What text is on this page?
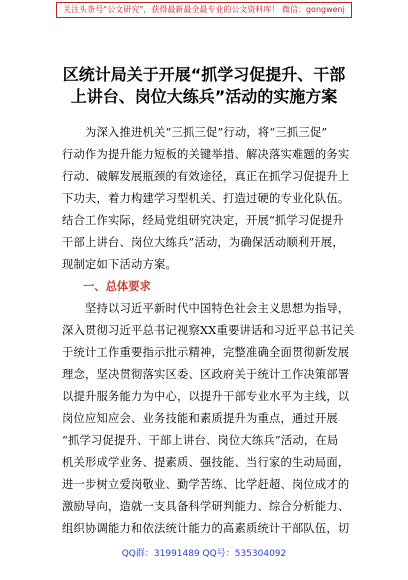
关注头条号“公文研究”，获得最新最全最专业的公文资料库！ 微信：gongwenj
区统计局关于开展“抓学习促提升、干部
上讲台、岗位大练兵”活动的实施方案
为深入推进机关“三抓三促”行动，将“三抓三促”
行动作为提升能力短板的关键举措、解决落实难题的务实
行动、破解发展瓶颈的有效途径，真正在抓学习促提升上
下功夫，着力构建学习型机关、打造过硬的专业化队伍。
结合工作实际，经局党组研究决定，开展“抓学习促提升
干部上讲台、岗位大练兵”活动，为确保活动顺利开展，
现制定如下活动方案。
一、总体要求
坚持以习近平新时代中国特色社会主义思想为指导，
深入贯彻习近平总书记视察XX重要讲话和习近平总书记关
于统计工作重要指示批示精神，完整准确全面贯彻新发展
理念，坚决贯彻落实区委、区政府关于统计工作决策部署
以提升服务能力为中心，以提升干部专业水平为主线，以
岗位应知应会、业务技能和素质提升为重点，通过开展
“抓学习促提升、干部上讲台、岗位大练兵”活动，在局
机关形成学业务、提素质、强技能、当行家的生动局面，
进一步树立爱岗敬业、勤学苦练、比学赶超、岗位成才的
激励导向，造就一支具备科学研判能力、综合分析能力、
组织协调能力和依法统计能力的高素质统计干部队伍，切
QQ群：31991489 QQ号：535304092
